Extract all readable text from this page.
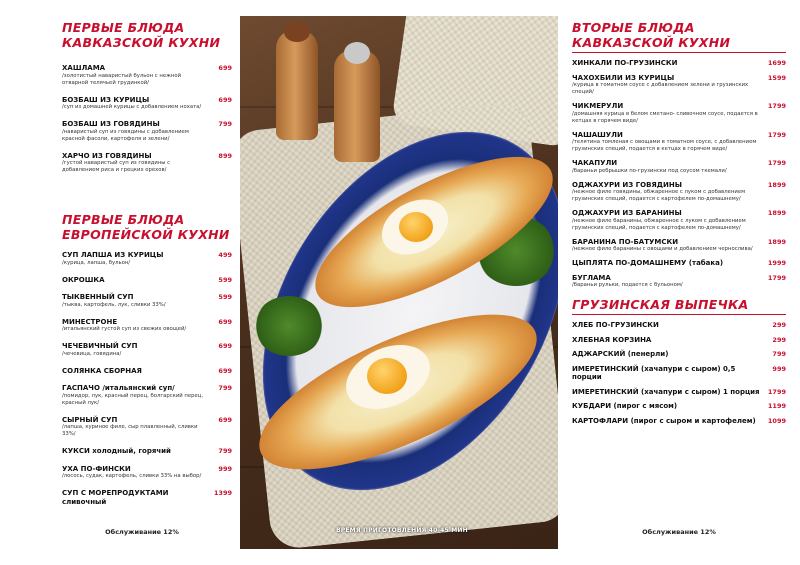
ПЕРВЫЕ БЛЮДА
КАВКАЗСКОЙ КУХНИ
ХАШЛАМА	699
/золотистый наваристый бульон с нежной отварной телячьей грудинкой/
БОЗБАШ ИЗ КУРИЦЫ	699
/суп из домашней курицы с добавлением нохата/
БОЗБАШ ИЗ ГОВЯДИНЫ	799
/наваристый суп из говядины с добавлением красной фасоли, картофеля и зелени/
ХАРЧО ИЗ ГОВЯДИНЫ	899
/густой наваристый суп из говядины с добавлением риса и грецких орехов/
ПЕРВЫЕ БЛЮДА
ЕВРОПЕЙСКОЙ КУХНИ
СУП ЛАПША ИЗ КУРИЦЫ	499
/курица, лапша, бульон/
ОКРОШКА	599
ТЫКВЕННЫЙ СУП	599
/тыква, картофель, лук, сливки 33%/
МИНЕСТРОНЕ	699
/итальянский густой суп из свежих овощей/
ЧЕЧЕВИЧНЫЙ СУП	699
/чечевица, говядина/
СОЛЯНКА СБОРНАЯ	699
ГАСПАЧО /итальянский суп/	799
/помидор, лук, красный перец, болгарский перец, красный лук/
СЫРНЫЙ СУП	699
/лапша, куриное филе, сыр плавленный, сливки 33%/
КУКСИ холодный, горячий	799
УХА ПО-ФИНСКИ	999
/лосось, судак, картофель, сливки 33% на выбор/
СУП С МОРЕПРОДУКТАМИ сливочный
1399
Обслуживание 12%	ВРЕМЯ ПРИГОТОВЛЕНИЯ 40-45 МИН
ВТОРЫЕ БЛЮДА
КАВКАЗСКОЙ КУХНИ
ХИНКАЛИ ПО-ГРУЗИНСКИ	1699
ЧАХОХБИЛИ ИЗ КУРИЦЫ	1599
/курица в томатном соусе с добавлением зелени и грузинских специй/
ЧИКМЕРУЛИ	1799
/домашняя курица в белом сметано- сливочном соусе, подается в кетцах в горячем виде/
ЧАШАШУЛИ	1799
/телятина томленая с овощами в томатном соусе, с добавлением грузинских специй, подается в кетцах в горячем виде/
ЧАКАПУЛИ	1799
/бараньи ребрышки по-грузински под соусом ткемали/
ОДЖАХУРИ ИЗ ГОВЯДИНЫ	1899
/нежное филе говядины, обжаренное с луком с добавлением грузинских специй, подается с картофелем по-домашнему/
ОДЖАХУРИ ИЗ БАРАНИНЫ	1899
/нежное филе баранины, обжаренное с луком с добавлением грузинских специй, подается с картофелем по-домашнему/
БАРАНИНА ПО-БАТУМСКИ	1899
/нежное филе баранины с овощами и добавлением черносливa/
ЦЫПЛЯТА ПО-ДОМАШНЕМУ (табака)	1999
БУГЛАМА	1799
/бараньи рульки, подается с бульоном/
ГРУЗИНСКАЯ ВЫПЕЧКА
ХЛЕБ ПО-ГРУЗИНСКИ	299
ХЛЕБНАЯ КОРЗИНА	299
АДЖАРСКИЙ (пенерли)	799
ИМЕРЕТИНСКИЙ (хачапури с сыром) 0,5 порции
999
ИМЕРЕТИНСКИЙ (хачапури с сыром) 1 порция	1799
КУБДАРИ (пирог с мясом)	1199
КАРТОФЛАРИ (пирог с сыром и картофелем)	1099
Обслуживание 12%
